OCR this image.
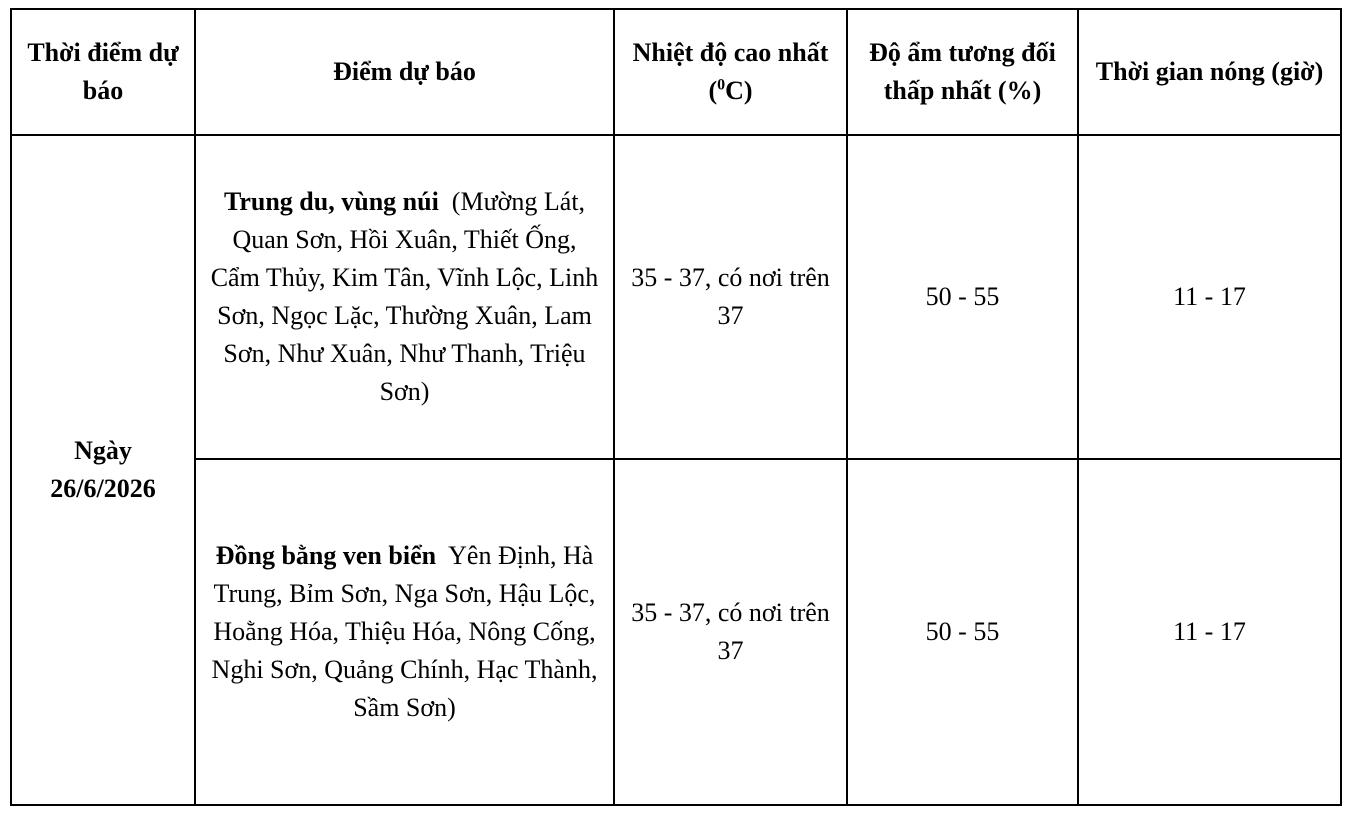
Thời điểm dự báo	Điểm dự báo	Nhiệt độ cao nhất ($^0$C)	Độ ẩm tương đối thấp nhất (%)	Thời gian nóng (giờ)

Ngày
26/6/2026	Trung du, vùng núi (Mường Lát, Quan Sơn, Hồi Xuân, Thiết Ống, Cẩm Thủy, Kim Tân, Vĩnh Lộc, Linh Sơn, Ngọc Lặc, Thường Xuân, Lam Sơn, Như Xuân, Như Thanh, Triệu Sơn)	35 - 37, có nơi trên 37	50 - 55	11 - 17
	Đồng bằng ven biển Yên Định, Hà Trung, Bỉm Sơn, Nga Sơn, Hậu Lộc, Hoằng Hóa, Thiệu Hóa, Nông Cống, Nghi Sơn, Quảng Chính, Hạc Thành, Sầm Sơn)	35 - 37, có nơi trên 37	50 - 55	11 - 17
